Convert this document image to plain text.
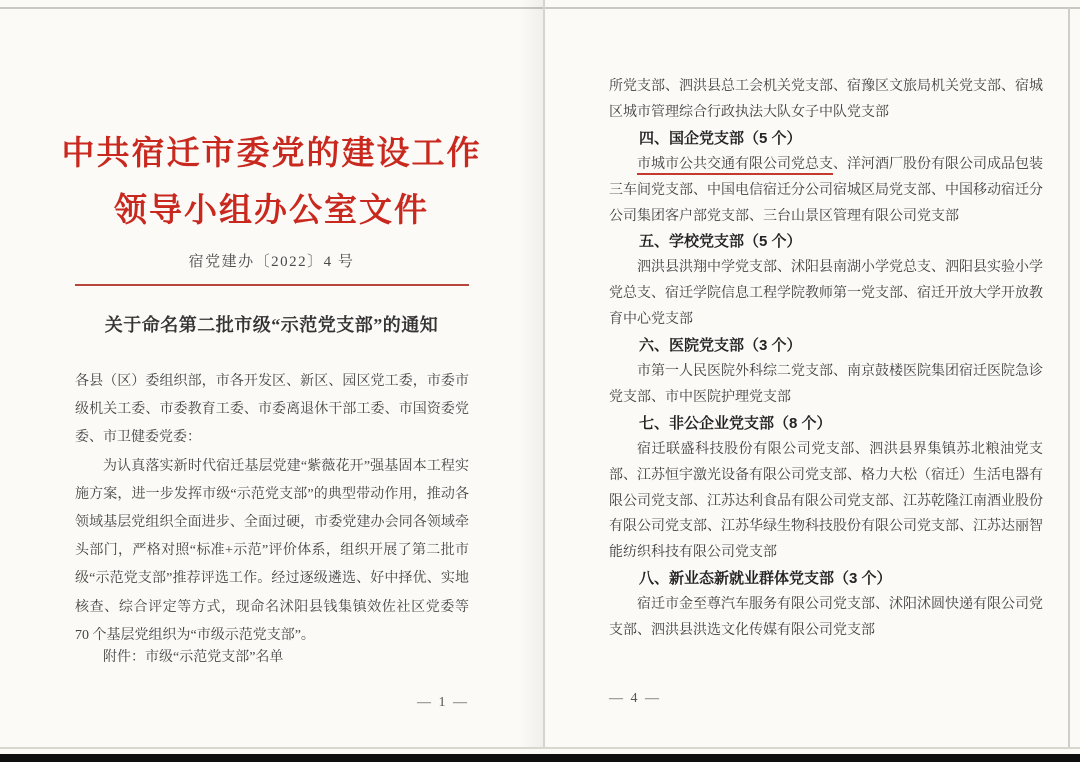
中共宿迁市委党的建设工作
领导小组办公室文件
宿党建办〔2022〕4 号
关于命名第二批市级“示范党支部”的通知

各县（区）委组织部，市各开发区、新区、园区党工委，市委市级机关工委、市委教育工委、市委离退休干部工委、市国资委党委、市卫健委党委：

为认真落实新时代宿迁基层党建“紫薇花开”强基固本工程实施方案，进一步发挥市级“示范党支部”的典型带动作用，推动各领域基层党组织全面进步、全面过硬，市委党建办会同各领域牵头部门，严格对照“标准+示范”评价体系，组织开展了第二批市级“示范党支部”推荐评选工作。经过逐级遴选、好中择优、实地核查、综合评定等方式，现命名沭阳县钱集镇效佐社区党委等 70 个基层党组织为“市级示范党支部”。

附件：市级“示范党支部”名单

— 1 —

所党支部、泗洪县总工会机关党支部、宿豫区文旅局机关党支部、宿城区城市管理综合行政执法大队女子中队党支部

四、国企党支部（5 个）

市城市公共交通有限公司党总支、洋河酒厂股份有限公司成品包装三车间党支部、中国电信宿迁分公司宿城区局党支部、中国移动宿迁分公司集团客户部党支部、三台山景区管理有限公司党支部

五、学校党支部（5 个）

泗洪县洪翔中学党支部、沭阳县南湖小学党总支、泗阳县实验小学党总支、宿迁学院信息工程学院教师第一党支部、宿迁开放大学开放教育中心党支部

六、医院党支部（3 个）

市第一人民医院外科综二党支部、南京鼓楼医院集团宿迁医院急诊党支部、市中医院护理党支部

七、非公企业党支部（8 个）

宿迁联盛科技股份有限公司党支部、泗洪县界集镇苏北粮油党支部、江苏恒宇激光设备有限公司党支部、格力大松（宿迁）生活电器有限公司党支部、江苏达利食品有限公司党支部、江苏乾隆江南酒业股份有限公司党支部、江苏华绿生物科技股份有限公司党支部、江苏达丽智能纺织科技有限公司党支部

八、新业态新就业群体党支部（3 个）

宿迁市金至尊汽车服务有限公司党支部、沭阳沭圆快递有限公司党支部、泗洪县洪选文化传媒有限公司党支部

— 4 —
